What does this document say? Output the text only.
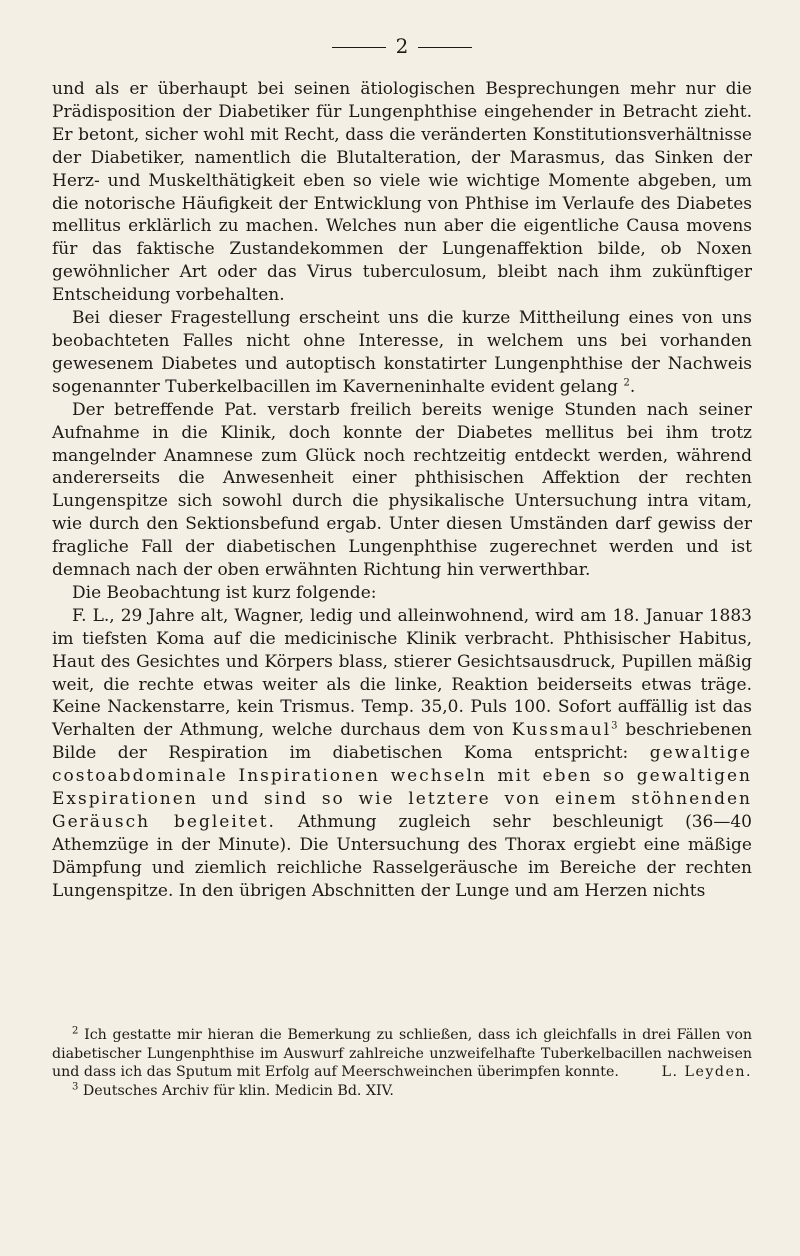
2

und als er überhaupt bei seinen ätiologischen Besprechungen mehr nur die Prädisposition der Diabetiker für Lungenphthise eingehender in Betracht zieht. Er betont, sicher wohl mit Recht, dass die veränderten Konstitutionsverhältnisse der Diabetiker, namentlich die Blutalteration, der Marasmus, das Sinken der Herz- und Muskelthätigkeit eben so viele wie wichtige Momente abgeben, um die notorische Häufigkeit der Entwicklung von Phthise im Verlaufe des Diabetes mellitus erklärlich zu machen. Welches nun aber die eigentliche Causa movens für das faktische Zustandekommen der Lungenaffektion bilde, ob Noxen gewöhnlicher Art oder das Virus tuberculosum, bleibt nach ihm zukünftiger Entscheidung vorbehalten.

Bei dieser Fragestellung erscheint uns die kurze Mittheilung eines von uns beobachteten Falles nicht ohne Interesse, in welchem uns bei vorhanden gewesenem Diabetes und autoptisch konstatirter Lungenphthise der Nachweis sogenannter Tuberkelbacillen im Kaverneninhalte evident gelang $^2$.

Der betreffende Pat. verstarb freilich bereits wenige Stunden nach seiner Aufnahme in die Klinik, doch konnte der Diabetes mellitus bei ihm trotz mangelnder Anamnese zum Glück noch rechtzeitig entdeckt werden, während andererseits die Anwesenheit einer phthisischen Affektion der rechten Lungenspitze sich sowohl durch die physikalische Untersuchung intra vitam, wie durch den Sektionsbefund ergab. Unter diesen Umständen darf gewiss der fragliche Fall der diabetischen Lungenphthise zugerechnet werden und ist demnach nach der oben erwähnten Richtung hin verwerthbar.

Die Beobachtung ist kurz folgende:

F. L., 29 Jahre alt, Wagner, ledig und alleinwohnend, wird am 18. Januar 1883 im tiefsten Koma auf die medicinische Klinik verbracht. Phthisischer Habitus, Haut des Gesichtes und Körpers blass, stierer Gesichtsausdruck, Pupillen mäßig weit, die rechte etwas weiter als die linke, Reaktion beiderseits etwas träge. Keine Nackenstarre, kein Trismus. Temp. 35,0. Puls 100. Sofort auffällig ist das Verhalten der Athmung, welche durchaus dem von Kussmaul$^3$ beschriebenen Bilde der Respiration im diabetischen Koma entspricht: gewaltige costoabdominale Inspirationen wechseln mit eben so gewaltigen Exspirationen und sind so wie letztere von einem stöhnenden Geräusch begleitet. Athmung zugleich sehr beschleunigt (36—40 Athemzüge in der Minute). Die Untersuchung des Thorax ergiebt eine mäßige Dämpfung und ziemlich reichliche Rasselgeräusche im Bereiche der rechten Lungenspitze. In den übrigen Abschnitten der Lunge und am Herzen nichts

$^2$ Ich gestatte mir hieran die Bemerkung zu schließen, dass ich gleichfalls in drei Fällen von diabetischer Lungenphthise im Auswurf zahlreiche unzweifelhafte Tuberkelbacillen nachweisen und dass ich das Sputum mit Erfolg auf Meerschweinchen überimpfen konnte.	L. Leyden.

$^3$ Deutsches Archiv für klin. Medicin Bd. XIV.
